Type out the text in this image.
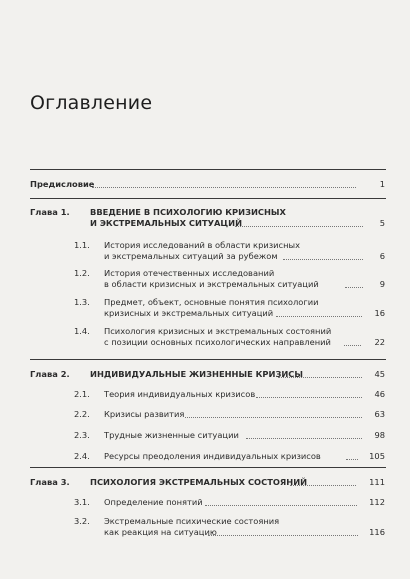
Оглавление
Предисловие	1
Глава 1. ВВЕДЕНИЕ В ПСИХОЛОГИЮ КРИЗИСНЫХ
И ЭКСТРЕМАЛЬНЫХ СИТУАЦИЙ	5
1.1. История исследований в области кризисных
и экстремальных ситуаций за рубежом	6
1.2. История отечественных исследований
в области кризисных и экстремальных ситуаций	9
1.3. Предмет, объект, основные понятия психологии
кризисных и экстремальных ситуаций	16
1.4. Психология кризисных и экстремальных состояний
с позиции основных психологических направлений	22
Глава 2. ИНДИВИДУАЛЬНЫЕ ЖИЗНЕННЫЕ КРИЗИСЫ	45
2.1. Теория индивидуальных кризисов	46
2.2. Кризисы развития	63
2.3. Трудные жизненные ситуации	98
2.4. Ресурсы преодоления индивидуальных кризисов	105
Глава 3. ПСИХОЛОГИЯ ЭКСТРЕМАЛЬНЫХ СОСТОЯНИЙ	111
3.1. Определение понятий	112
3.2. Экстремальные психические состояния
как реакция на ситуацию	116
